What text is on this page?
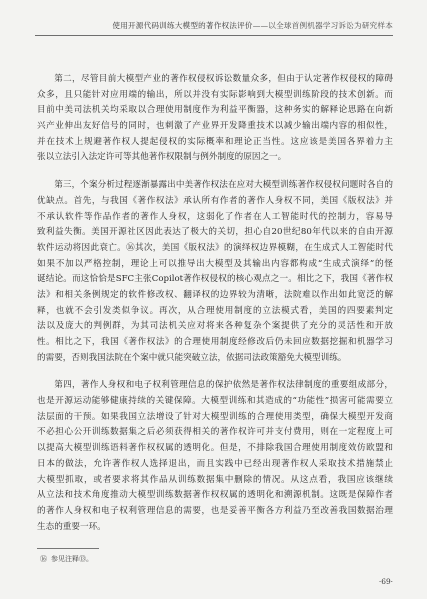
使用开源代码训练大模型的著作权法评价——以全球首例机器学习诉讼为研究样本
第二，尽管目前大模型产业的著作权侵权诉讼数量众多，但由于认定著作权侵权的障碍
众多，且只能针对应用端的输出，所以并没有实际影响到大模型训练阶段的技术创新。而
目前中美司法机关均采取以合理使用制度作为利益平衡器，这种务实的解释论思路在向新
兴产业伸出友好信号的同时，也刺激了产业界开发降重技术以减少输出端内容的相似性，
并在技术上规避著作权人提起侵权的实际概率和理论正当性。这应该是美国各界着力主
张以立法引入法定许可等其他著作权限制与例外制度的原因之一。
第三，个案分析过程逐渐暴露出中美著作权法在应对大模型训练著作权侵权问题时各自的
优缺点。首先，与我国《著作权法》承认所有作者的著作人身权不同，美国《版权法》并
不承认软件等作品作者的著作人身权，这弱化了作者在人工智能时代的控制力，容易导
致利益失衡。美国开源社区因此表达了极大的关切，担心自20世纪80年代以来的自由开源
软件运动将因此衰亡。⑯其次，美国《版权法》的演绎权边界模糊，在生成式人工智能时代
如果不加以严格控制，理论上可以推导出大模型及其输出内容都构成“生成式演绎”的怪
诞结论。而这恰恰是SFC主张Copilot著作权侵权的核心观点之一。相比之下，我国《著作权
法》和相关条例规定的软件修改权、翻译权的边界较为清晰，法院难以作出如此宽泛的解
释，也就不会引发类似争议。再次，从合理使用制度的立法模式看，美国的四要素判定
法以及庞大的判例群，为其司法机关应对将来各种复杂个案提供了充分的灵活性和开放
性。相比之下，我国《著作权法》的合理使用制度经修改后仍未回应数据挖掘和机器学习
的需要，否则我国法院在个案中就只能突破立法，依据司法政策豁免大模型训练。
第四，著作人身权和电子权利管理信息的保护依然是著作权法律制度的重要组成部分，
也是开源运动能够健康持续的关键保障。大模型训练和其造成的“功能性”损害可能需要立
法层面的干预。如果我国立法增设了针对大模型训练的合理使用类型，确保大模型开发商
不必担心公开训练数据集之后必须获得相关的著作权许可并支付费用，则在一定程度上可
以提高大模型训练语料著作权权属的透明化。但是，不排除我国合理使用制度效仿欧盟和
日本的做法，允许著作权人选择退出，而且实践中已经出现著作权人采取技术措施禁止
大模型抓取，或者要求将其作品从训练数据集中删除的情况。从这点看，我国应该继续
从立法和技术角度推动大模型训练数据著作权权属的透明化和溯源机制。这既是保障作者
的著作人身权和电子权利管理信息的需要，也是妥善平衡各方利益乃至改善我国数据治理
生态的重要一环。
⑯ 参见注释⑬。
·69·
